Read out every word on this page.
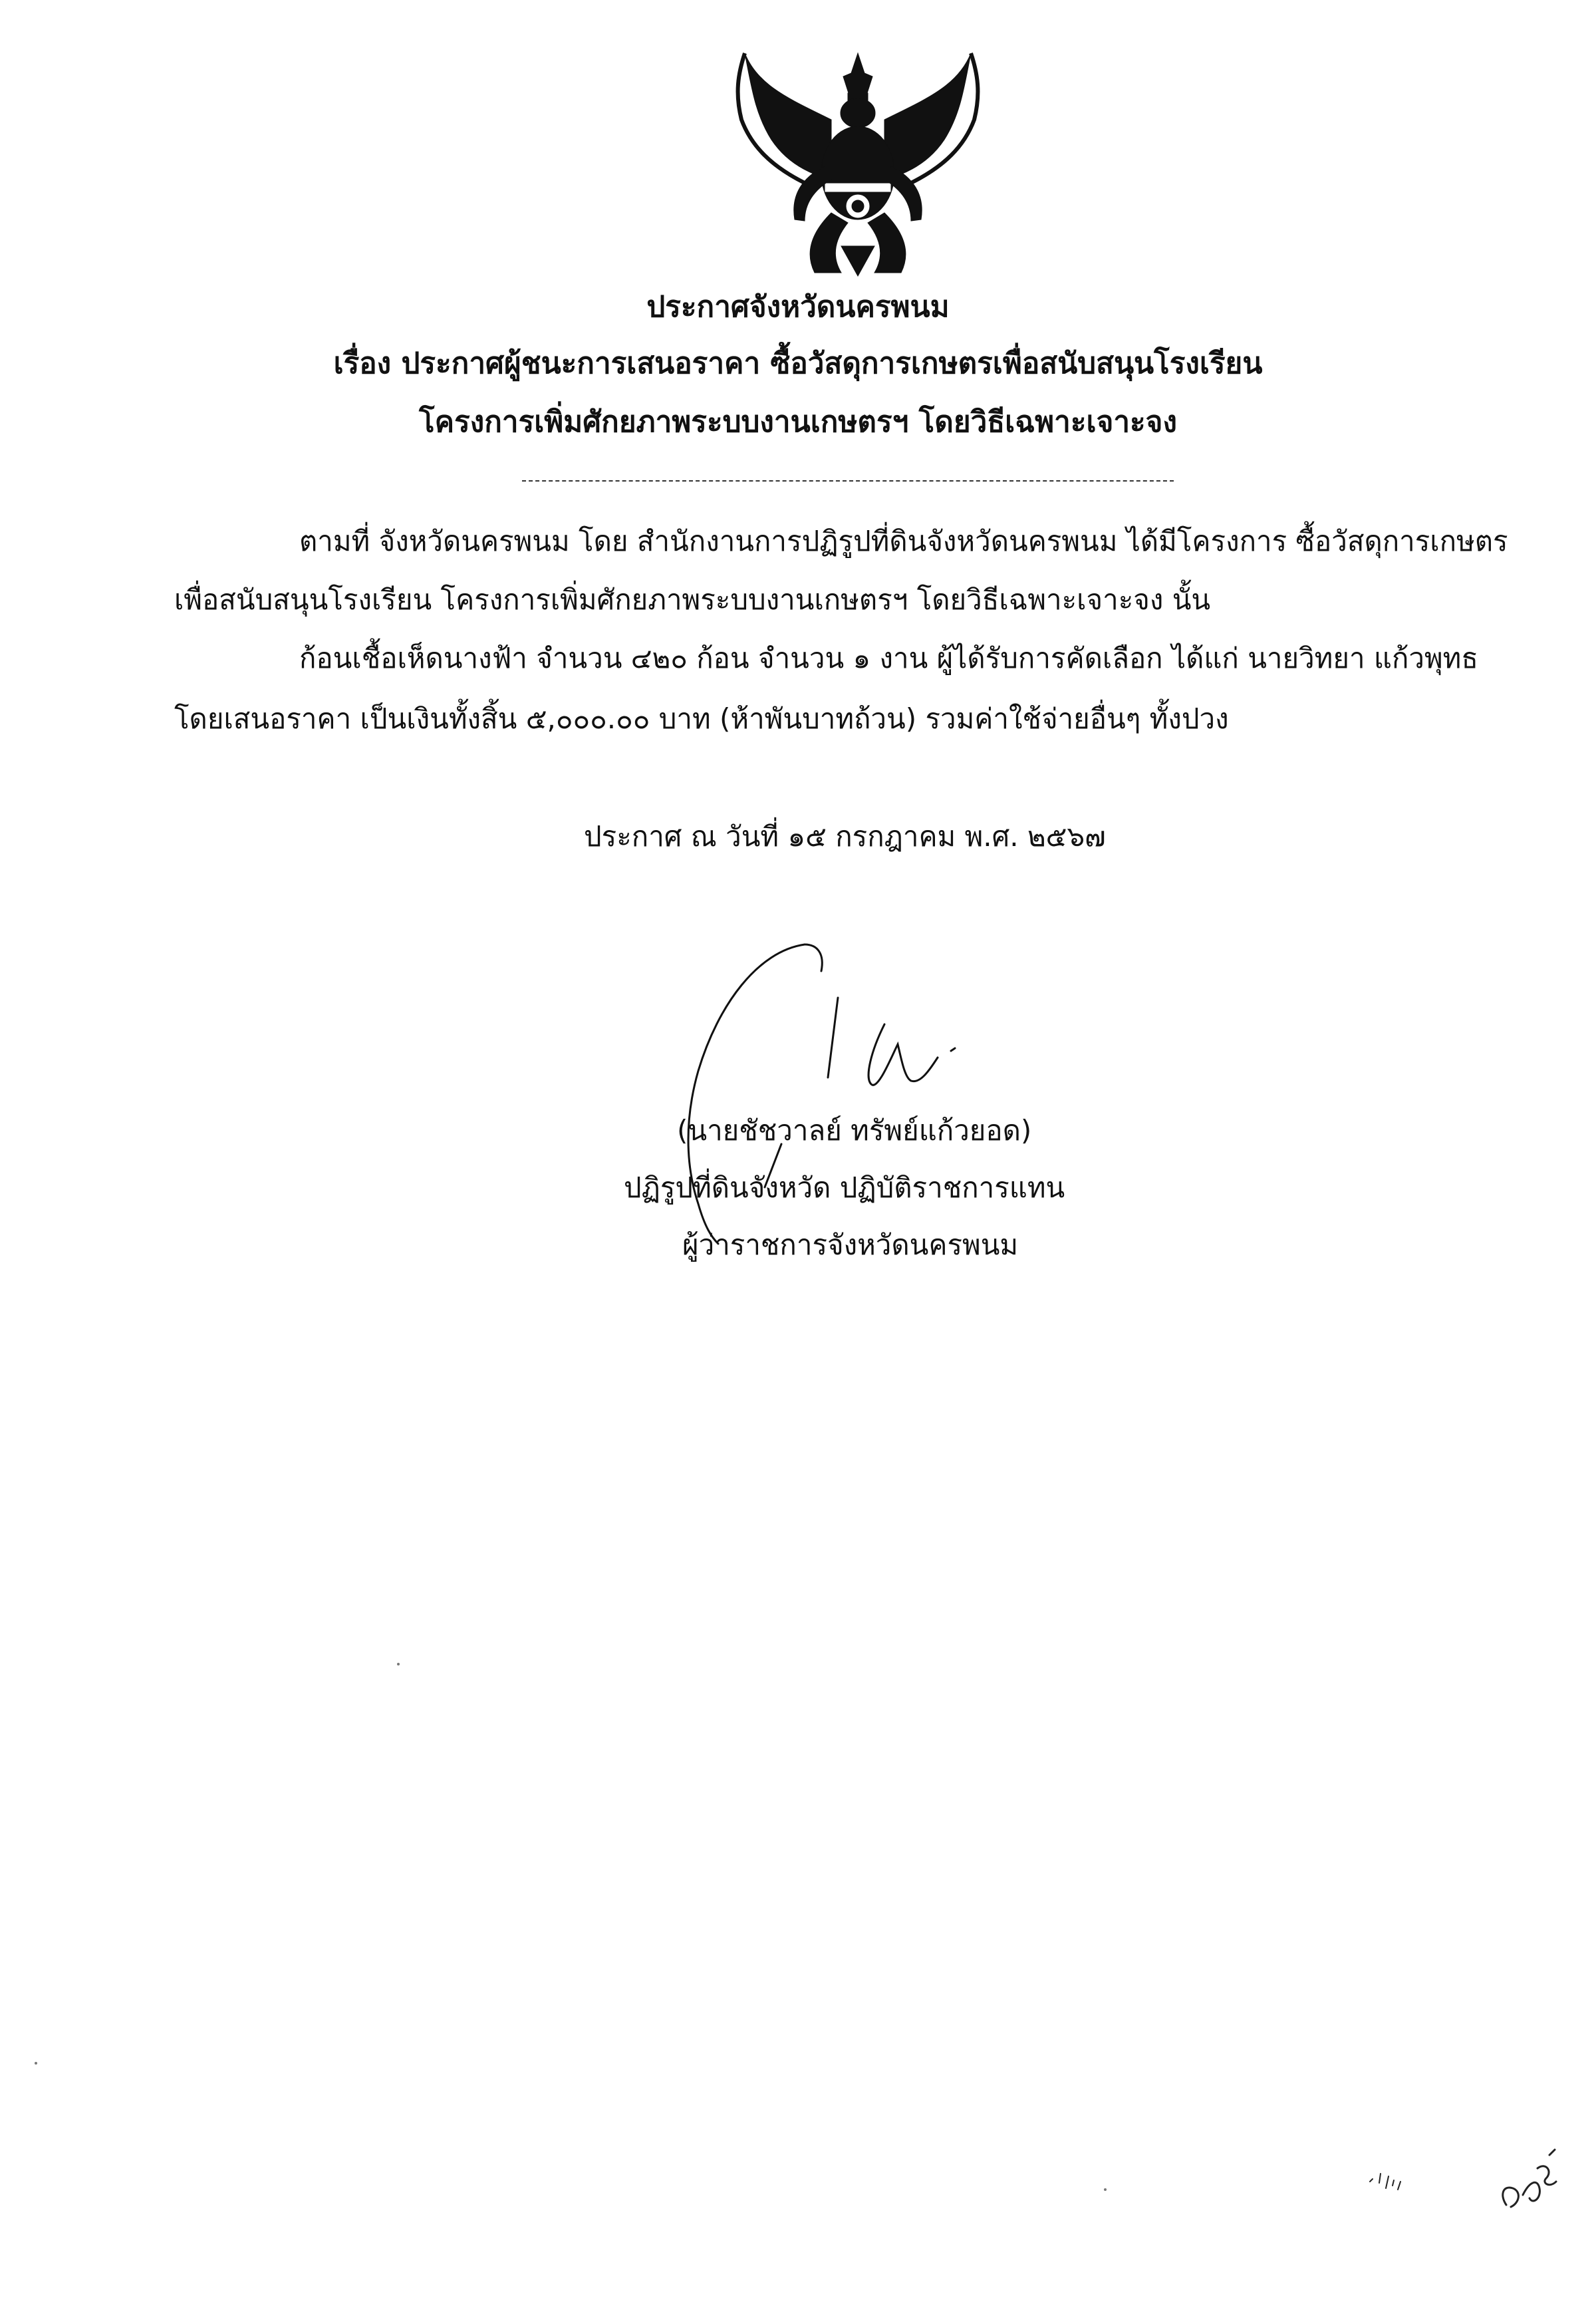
ประกาศจังหวัดนครพนม
เรื่อง ประกาศผู้ชนะการเสนอราคา ซื้อวัสดุการเกษตรเพื่อสนับสนุนโรงเรียน
โครงการเพิ่มศักยภาพระบบงานเกษตรฯ โดยวิธีเฉพาะเจาะจง
ตามที่ จังหวัดนครพนม โดย สำนักงานการปฏิรูปที่ดินจังหวัดนครพนม ได้มีโครงการ ซื้อวัสดุการเกษตร
เพื่อสนับสนุนโรงเรียน โครงการเพิ่มศักยภาพระบบงานเกษตรฯ โดยวิธีเฉพาะเจาะจง นั้น
ก้อนเชื้อเห็ดนางฟ้า จำนวน ๔๒๐ ก้อน จำนวน ๑ งาน ผู้ได้รับการคัดเลือก ได้แก่ นายวิทยา แก้วพุทธ
โดยเสนอราคา เป็นเงินทั้งสิ้น ๕,๐๐๐.๐๐ บาท (ห้าพันบาทถ้วน) รวมค่าใช้จ่ายอื่นๆ ทั้งปวง
ประกาศ ณ วันที่ ๑๕ กรกฎาคม พ.ศ. ๒๕๖๗
(นายชัชวาลย์ ทรัพย์แก้วยอด)
ปฏิรูปที่ดินจังหวัด ปฏิบัติราชการแทน
ผู้ว่าราชการจังหวัดนครพนม
